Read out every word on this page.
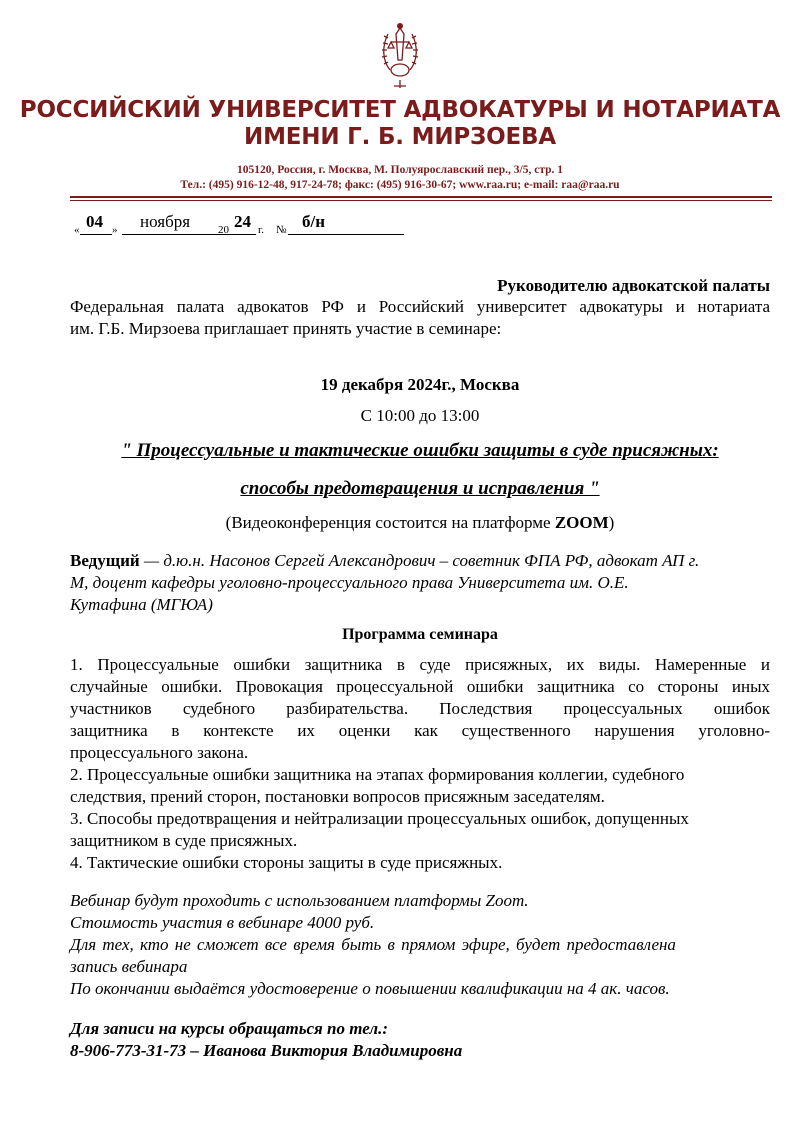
РОССИЙСКИЙ УНИВЕРСИТЕТ АДВОКАТУРЫ И НОТАРИАТА
ИМЕНИ Г. Б. МИРЗОЕВА
105120, Россия, г. Москва, М. Полуярославский пер., 3/5, стр. 1
Тел.: (495) 916-12-48, 917-24-78; факс: (495) 916-30-67; www.raa.ru; e-mail: raa@raa.ru
« 04 » ноября	20 24 г. № б/н
Руководителю адвокатской палаты
Федеральная палата адвокатов РФ и Российский университет адвокатуры и нотариата
им. Г.Б. Мирзоева приглашает принять участие в семинаре:
19 декабря 2024г., Москва
С 10:00 до 13:00
" Процессуальные и тактические ошибки защиты в суде присяжных:
способы предотвращения и исправления "
(Видеоконференция состоится на платформе ZOOM)
Ведущий — д.ю.н. Насонов Сергей Александрович – советник ФПА РФ, адвокат АП г.
М, доцент кафедры уголовно-процессуального права Университета им. О.Е.
Кутафина (МГЮА)
Программа семинара
1. Процессуальные ошибки защитника в суде присяжных, их виды. Намеренные и
случайные ошибки. Провокация процессуальной ошибки защитника со стороны иных
участников судебного разбирательства. Последствия процессуальных ошибок
защитника в контексте их оценки как существенного нарушения уголовно-
процессуального закона.
2. Процессуальные ошибки защитника на этапах формирования коллегии, судебного
следствия, прений сторон, постановки вопросов присяжным заседателям.
3. Способы предотвращения и нейтрализации процессуальных ошибок, допущенных
защитником в суде присяжных.
4. Тактические ошибки стороны защиты в суде присяжных.
Вебинар будут проходить с использованием платформы Zoom.
Стоимость участия в вебинаре 4000 руб.
Для тех, кто не сможет все время быть в прямом эфире, будет предоставлена
запись вебинара
По окончании выдаётся удостоверение о повышении квалификации на 4 ак. часов.
Для записи на курсы обращаться по тел.:
8-906-773-31-73 – Иванова Виктория Владимировна
